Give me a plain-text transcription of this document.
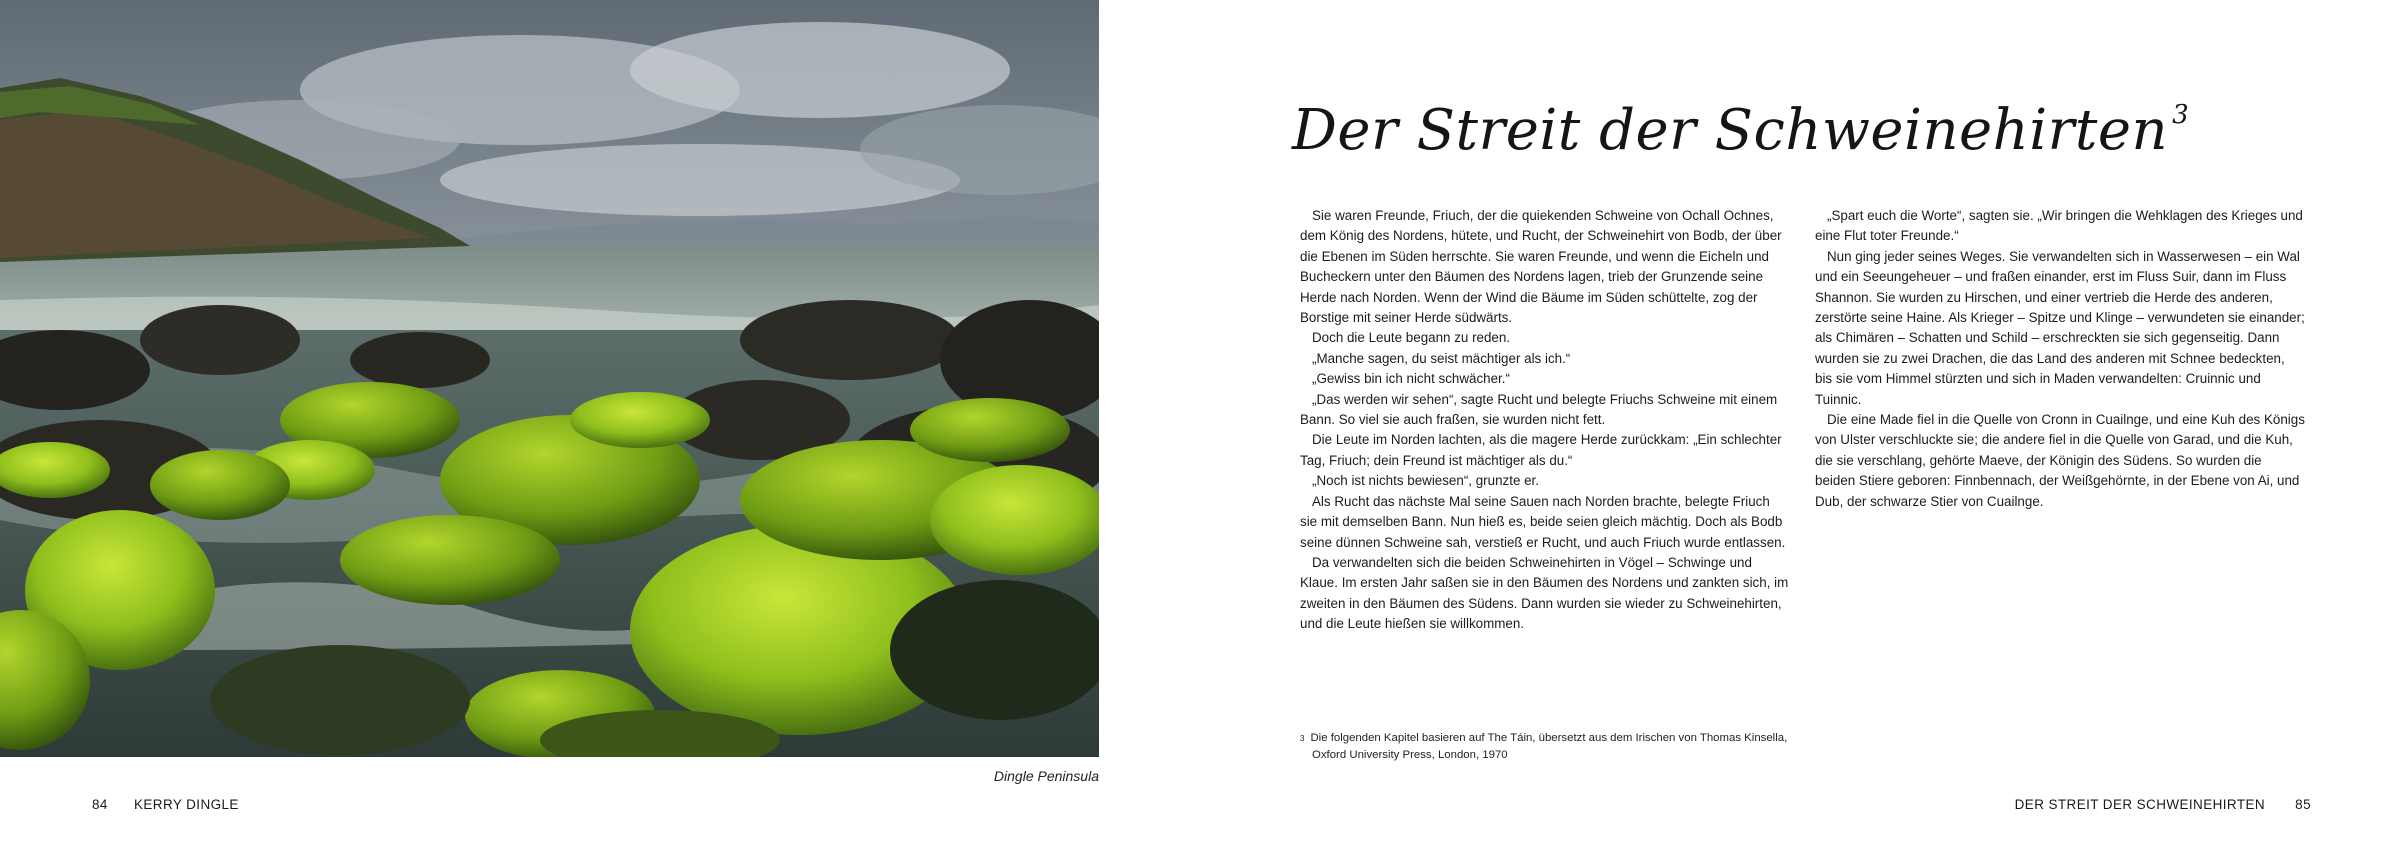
Dingle Peninsula
84 KERRY DINGLE
Der Streit der Schweinehirten $^3$

Sie waren Freunde, Friuch, der die quiekenden Schweine von Ochall Ochnes, dem König des Nordens, hütete, und Rucht, der Schweinehirt von Bodb, der über die Ebenen im Süden herrschte. Sie waren Freunde, und wenn die Eicheln und Bucheckern unter den Bäumen des Nordens lagen, trieb der Grunzende seine Herde nach Norden. Wenn der Wind die Bäume im Süden schüttelte, zog der Borstige mit seiner Herde südwärts.

Doch die Leute begann zu reden.

„Manche sagen, du seist mächtiger als ich.“

„Gewiss bin ich nicht schwächer.“

„Das werden wir sehen“, sagte Rucht und belegte Friuchs Schweine mit einem Bann. So viel sie auch fraßen, sie wurden nicht fett.

Die Leute im Norden lachten, als die magere Herde zurückkam: „Ein schlechter Tag, Friuch; dein Freund ist mächtiger als du.“

„Noch ist nichts bewiesen“, grunzte er.

Als Rucht das nächste Mal seine Sauen nach Norden brachte, belegte Friuch sie mit demselben Bann. Nun hieß es, beide seien gleich mächtig. Doch als Bodb seine dünnen Schweine sah, verstieß er Rucht, und auch Friuch wurde entlassen.

Da verwandelten sich die beiden Schweinehirten in Vögel – Schwinge und Klaue. Im ersten Jahr saßen sie in den Bäumen des Nordens und zankten sich, im zweiten in den Bäumen des Südens. Dann wurden sie wieder zu Schweinehirten, und die Leute hießen sie willkommen.

„Spart euch die Worte“, sagten sie. „Wir bringen die Wehklagen des Krieges und eine Flut toter Freunde.“

Nun ging jeder seines Weges. Sie verwandelten sich in Wasserwesen – ein Wal und ein Seeungeheuer – und fraßen einander, erst im Fluss Suir, dann im Fluss Shannon. Sie wurden zu Hirschen, und einer vertrieb die Herde des anderen, zerstörte seine Haine. Als Krieger – Spitze und Klinge – verwundeten sie einander; als Chimären – Schatten und Schild – erschreckten sie sich gegenseitig. Dann wurden sie zu zwei Drachen, die das Land des anderen mit Schnee bedeckten, bis sie vom Himmel stürzten und sich in Maden verwandelten: Cruinnic und Tuinnic.

Die eine Made fiel in die Quelle von Cronn in Cuailnge, und eine Kuh des Königs von Ulster verschluckte sie; die andere fiel in die Quelle von Garad, und die Kuh, die sie verschlang, gehörte Maeve, der Königin des Südens. So wurden die beiden Stiere geboren: Finnbennach, der Weißgehörnte, in der Ebene von Ai, und Dub, der schwarze Stier von Cuailnge.

$^3$ Die folgenden Kapitel basieren auf The Táin, übersetzt aus dem Irischen von Thomas Kinsella,
Oxford University Press, London, 1970
DER STREIT DER SCHWEINEHIRTEN 85
